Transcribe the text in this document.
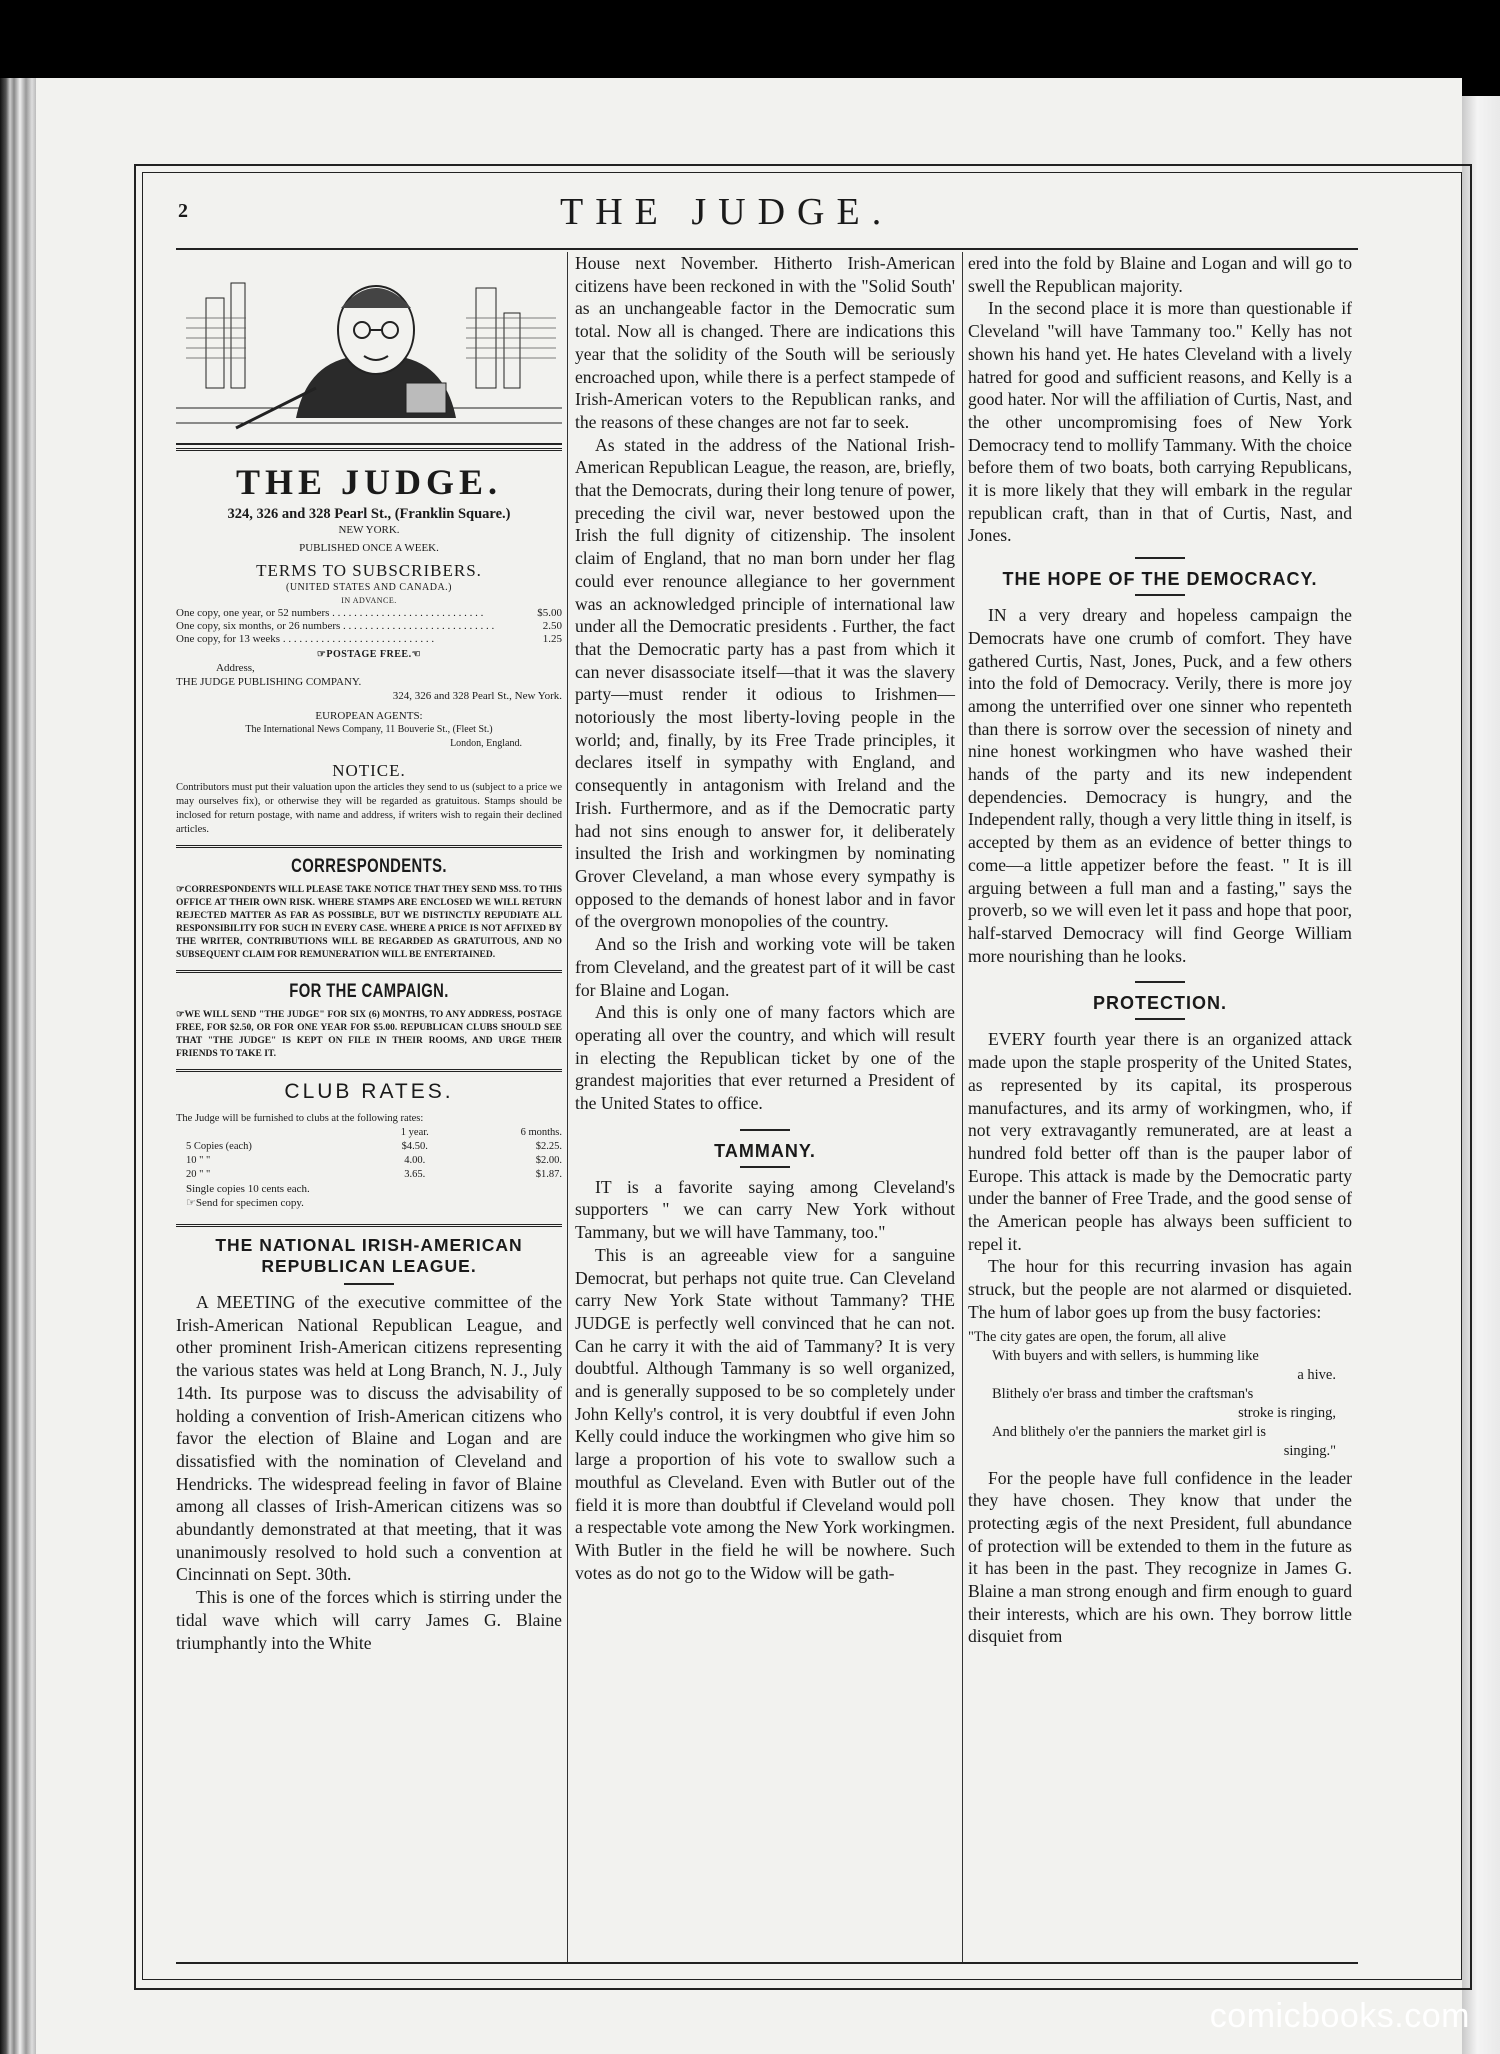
2	THE JUDGE.
THE JUDGE.
324, 326 and 328 Pearl St., (Franklin Square.)
NEW YORK.
PUBLISHED ONCE A WEEK.
TERMS TO SUBSCRIBERS.
(UNITED STATES AND CANADA.)
IN ADVANCE.
One copy, one year, or 52 numbers . . .	$5.00
One copy, six months, or 26 numbers . . .	2.50
One copy, for 13 weeks . . .	1.25
☞POSTAGE FREE.☜
Address,
THE JUDGE PUBLISHING COMPANY.
324, 326 and 328 Pearl St., New York.
EUROPEAN AGENTS:
The International News Company, 11 Bouverie St., (Fleet St.)
London, England.
NOTICE.
Contributors must put their valuation upon the articles they send to us (subject to a price we may ourselves fix), or otherwise they will be regarded as gratuitous. Stamps should be inclosed for return postage, with name and address, if writers wish to regain their declined articles.
CORRESPONDENTS.
☞CORRESPONDENTS WILL PLEASE TAKE NOTICE THAT THEY SEND MSS. TO THIS OFFICE AT THEIR OWN RISK. WHERE STAMPS ARE ENCLOSED WE WILL RETURN REJECTED MATTER AS FAR AS POSSIBLE, BUT WE DISTINCTLY REPUDIATE ALL RESPONSIBILITY FOR SUCH IN EVERY CASE. WHERE A PRICE IS NOT AFFIXED BY THE WRITER, CONTRIBUTIONS WILL BE REGARDED AS GRATUITOUS, AND NO SUBSEQUENT CLAIM FOR REMUNERATION WILL BE ENTERTAINED.
FOR THE CAMPAIGN.
☞WE WILL SEND "THE JUDGE" FOR SIX (6) MONTHS, TO ANY ADDRESS, POSTAGE FREE, FOR $2.50, OR FOR ONE YEAR FOR $5.00. REPUBLICAN CLUBS SHOULD SEE THAT "THE JUDGE" IS KEPT ON FILE IN THEIR ROOMS, AND URGE THEIR FRIENDS TO TAKE IT.
CLUB RATES.
The Judge will be furnished to clubs at the following rates:
	1 year.	6 months.
5 Copies (each)	$4.50.	$2.25.
10 " "	4.00.	$2.00.
20 " "	3.65.	$1.87.
Single copies 10 cents each.
☞Send for specimen copy.
THE NATIONAL IRISH-AMERICAN REPUBLICAN LEAGUE.

A MEETING of the executive committee of the Irish-American National Republican League, and other prominent Irish-American citizens representing the various states was held at Long Branch, N. J., July 14th. Its purpose was to discuss the advisability of holding a convention of Irish-American citizens who favor the election of Blaine and Logan and are dissatisfied with the nomination of Cleveland and Hendricks. The widespread feeling in favor of Blaine among all classes of Irish-American citizens was so abundantly demonstrated at that meeting, that it was unanimously resolved to hold such a convention at Cincinnati on Sept. 30th.

This is one of the forces which is stirring under the tidal wave which will carry James G. Blaine triumphantly into the White

House next November. Hitherto Irish-American citizens have been reckoned in with the "Solid South' as an unchangeable factor in the Democratic sum total. Now all is changed. There are indications this year that the solidity of the South will be seriously encroached upon, while there is a perfect stampede of Irish-American voters to the Republican ranks, and the reasons of these changes are not far to seek.

As stated in the address of the National Irish-American Republican League, the reason, are, briefly, that the Democrats, during their long tenure of power, preceding the civil war, never bestowed upon the Irish the full dignity of citizenship. The insolent claim of England, that no man born under her flag could ever renounce allegiance to her government was an acknowledged principle of international law under all the Democratic presidents . Further, the fact that the Democratic party has a past from which it can never disassociate itself—that it was the slavery party—must render it odious to Irishmen—notoriously the most liberty-loving people in the world; and, finally, by its Free Trade principles, it declares itself in sympathy with England, and consequently in antagonism with Ireland and the Irish. Furthermore, and as if the Democratic party had not sins enough to answer for, it deliberately insulted the Irish and workingmen by nominating Grover Cleveland, a man whose every sympathy is opposed to the demands of honest labor and in favor of the overgrown monopolies of the country.

And so the Irish and working vote will be taken from Cleveland, and the greatest part of it will be cast for Blaine and Logan.

And this is only one of many factors which are operating all over the country, and which will result in electing the Republican ticket by one of the grandest majorities that ever returned a President of the United States to office.

TAMMANY.

IT is a favorite saying among Cleveland's supporters " we can carry New York without Tammany, but we will have Tammany, too."

This is an agreeable view for a sanguine Democrat, but perhaps not quite true. Can Cleveland carry New York State without Tammany? THE JUDGE is perfectly well convinced that he can not. Can he carry it with the aid of Tammany? It is very doubtful. Although Tammany is so well organized, and is generally supposed to be so completely under John Kelly's control, it is very doubtful if even John Kelly could induce the workingmen who give him so large a proportion of his vote to swallow such a mouthful as Cleveland. Even with Butler out of the field it is more than doubtful if Cleveland would poll a respectable vote among the New York workingmen. With Butler in the field he will be nowhere. Such votes as do not go to the Widow will be gath-

ered into the fold by Blaine and Logan and will go to swell the Republican majority.

In the second place it is more than questionable if Cleveland "will have Tammany too." Kelly has not shown his hand yet. He hates Cleveland with a lively hatred for good and sufficient reasons, and Kelly is a good hater. Nor will the affiliation of Curtis, Nast, and the other uncompromising foes of New York Democracy tend to mollify Tammany. With the choice before them of two boats, both carrying Republicans, it is more likely that they will embark in the regular republican craft, than in that of Curtis, Nast, and Jones.

THE HOPE OF THE DEMOCRACY.

IN a very dreary and hopeless campaign the Democrats have one crumb of comfort. They have gathered Curtis, Nast, Jones, Puck, and a few others into the fold of Democracy. Verily, there is more joy among the unterrified over one sinner who repenteth than there is sorrow over the secession of ninety and nine honest workingmen who have washed their hands of the party and its new independent dependencies. Democracy is hungry, and the Independent rally, though a very little thing in itself, is accepted by them as an evidence of better things to come—a little appetizer before the feast. " It is ill arguing between a full man and a fasting," says the proverb, so we will even let it pass and hope that poor, half-starved Democracy will find George William more nourishing than he looks.

PROTECTION.

EVERY fourth year there is an organized attack made upon the staple prosperity of the United States, as represented by its capital, its prosperous manufactures, and its army of workingmen, who, if not very extravagantly remunerated, are at least a hundred fold better off than is the pauper labor of Europe. This attack is made by the Democratic party under the banner of Free Trade, and the good sense of the American people has always been sufficient to repel it.

The hour for this recurring invasion has again struck, but the people are not alarmed or disquieted. The hum of labor goes up from the busy factories:

"The city gates are open, the forum, all alive
With buyers and with sellers, is humming like
a hive.
Blithely o'er brass and timber the craftsman's
stroke is ringing,
And blithely o'er the panniers the market girl is
singing."

For the people have full confidence in the leader they have chosen. They know that under the protecting ægis of the next President, full abundance of protection will be extended to them in the future as it has been in the past. They recognize in James G. Blaine a man strong enough and firm enough to guard their interests, which are his own. They borrow little disquiet from

comicbooks.com
